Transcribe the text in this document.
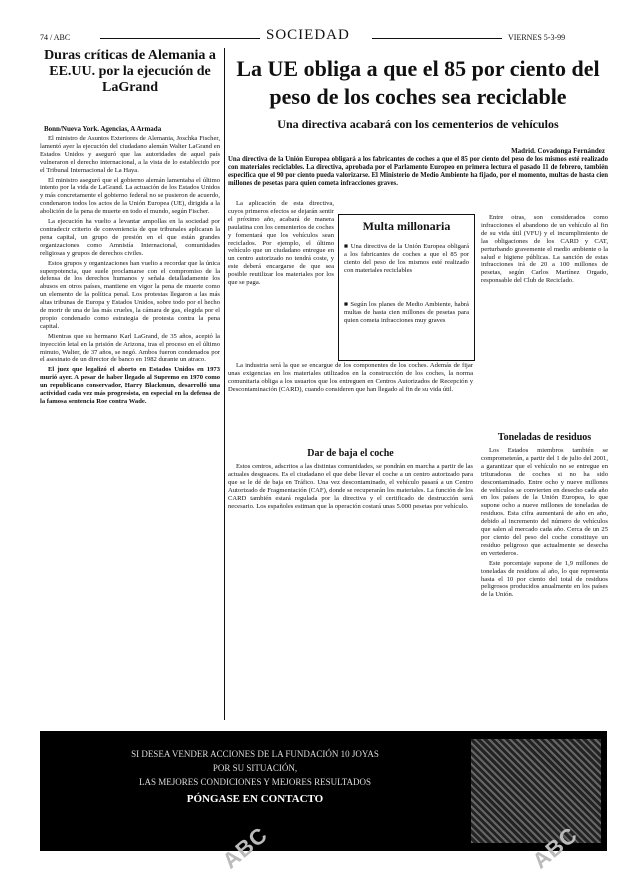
74 / ABC	SOCIEDAD	VIERNES 5-3-99
Duras críticas de Alemania a EE.UU. por la ejecución de LaGrand
Bonn/Nueva York. Agencias, A Armada

El ministro de Asuntos Exteriores de Alemania, Joschka Fischer, lamentó ayer la ejecución del ciudadano alemán Walter LaGrand en Estados Unidos y aseguró que las autoridades de aquel país vulneraron el derecho internacional, a la vista de lo establecido por el Tribunal Internacional de La Haya.

El ministro aseguró que el gobierno alemán lamentaba el último intento por la vida de LaGrand. La actuación de los Estados Unidos y más concretamente el gobierno federal no se pusieron de acuerdo, condenaron todos los actos de la Unión Europea (UE), dirigida a la abolición de la pena de muerte en todo el mundo, según Fischer.

La ejecución ha vuelto a levantar ampollas en la sociedad por contradecir criterio de conveniencia de que tribunales aplicaran la pena capital, un grupo de presión en el que están grandes organizaciones como Amnistía Internacional, comunidades religiosas y grupos de derechos civiles.

Estos grupos y organizaciones han vuelto a recordar que la única superpotencia, que suele proclamarse con el compromiso de la defensa de los derechos humanos y señala detalladamente los abusos en otros países, mantiene en vigor la pena de muerte como un elemento de la política penal. Los protestas llegaron a las más altas tribunas de Europa y Estados Unidos, sobre todo por el hecho de morir de una de las más crueles, la cámara de gas, elegida por el propio condenado como estrategia de protesta contra la pena capital.

Mientras que su hermano Karl LaGrand, de 35 años, aceptó la inyección letal en la prisión de Arizona, tras el proceso en el último minuto, Walter, de 37 años, se negó. Ambos fueron condenados por el asesinato de un director de banco en 1982 durante un atraco.

El juez que legalizó el aborto en Estados Unidos en 1973 murió ayer. A pesar de haber llegado al Supremo en 1970 como un republicano conservador, Harry Blackmun, desarrolló una actividad cada vez más progresista, en especial en la defensa de la famosa sentencia Roe contra Wade.

La UE obliga a que el 85 por ciento del peso de los coches sea reciclable
Una directiva acabará con los cementerios de vehículos
Madrid. Covadonga Fernández
Una directiva de la Unión Europea obligará a los fabricantes de coches a que el 85 por ciento del peso de los mismos esté realizado con materiales reciclables. La directiva, aprobada por el Parlamento Europeo en primera lectura el pasado 11 de febrero, también especifica que el 90 por ciento pueda valorizarse. El Ministerio de Medio Ambiente ha fijado, por el momento, multas de hasta cien millones de pesetas para quien cometa infracciones graves.

La aplicación de esta directiva, cuyos primeros efectos se dejarán sentir el próximo año, acabará de manera paulatina con los cementerios de coches y fomentará que los vehículos sean reciclados. Por ejemplo, el último vehículo que un ciudadano entregue en un centro autorizado no tendrá coste, y este deberá encargarse de que sea posible reutilizar los materiales por los que se paga.

Multa millonaria
■ Una directiva de la Unión Europea obligará a los fabricantes de coches a que el 85 por ciento del peso de los mismos esté realizado con materiales reciclables
■ Según los planes de Medio Ambiente, habrá multas de hasta cien millones de pesetas para quien cometa infracciones muy graves

Entre otras, son considerados como infracciones el abandono de un vehículo al fin de su vida útil (VFU) y el incumplimiento de las obligaciones de los CARD y CAT, perturbando gravemente el medio ambiente o la salud e higiene públicas. La sanción de estas infracciones irá de 20 a 100 millones de pesetas, según Carlos Martínez Orgado, responsable del Club de Reciclado.

La industria será la que se encargue de los componentes de los coches. Además de fijar unas exigencias en los materiales utilizados en la construcción de los coches, la norma comunitaria obliga a los usuarios que los entreguen en Centros Autorizados de Recepción y Descontaminación (CARD), cuando consideren que han llegado al fin de su vida útil.

Dar de baja el coche

Estos centros, adscritos a las distintas comunidades, se pondrán en marcha a partir de las actuales desguaces. Es el ciudadano el que debe llevar el coche a un centro autorizado para que se le dé de baja en Tráfico. Una vez descontaminado, el vehículo pasará a un Centro Autorizado de Fragmentación (CAF), donde se recuperarán los materiales. La función de los CARD también estará regulada por la directiva y el certificado de destrucción será necesario. Los españoles estiman que la operación costará unas 5.000 pesetas por vehículo.

Toneladas de residuos

Los Estados miembros también se comprometerán, a partir del 1 de julio del 2001, a garantizar que el vehículo no se entregue en trituradoras de coches si no ha sido descontaminado. Entre ocho y nueve millones de vehículos se convierten en desecho cada año en los países de la Unión Europea, lo que supone ocho a nueve millones de toneladas de residuos. Esta cifra aumentará de año en año, debido al incremento del número de vehículos que salen al mercado cada año. Cerca de un 25 por ciento del peso del coche constituye un residuo peligroso que actualmente se desecha en vertederos.

Este porcentaje supone de 1,9 millones de toneladas de residuos al año, lo que representa hasta el 10 por ciento del total de residuos peligrosos producidos anualmente en los países de la Unión.

SI DESEA VENDER ACCIONES DE LA FUNDACIÓN 10 JOYAS
POR SU SITUACIÓN,
LAS MEJORES CONDICIONES Y MEJORES RESULTADOS
PÓNGASE EN CONTACTO
ABC	ABC
